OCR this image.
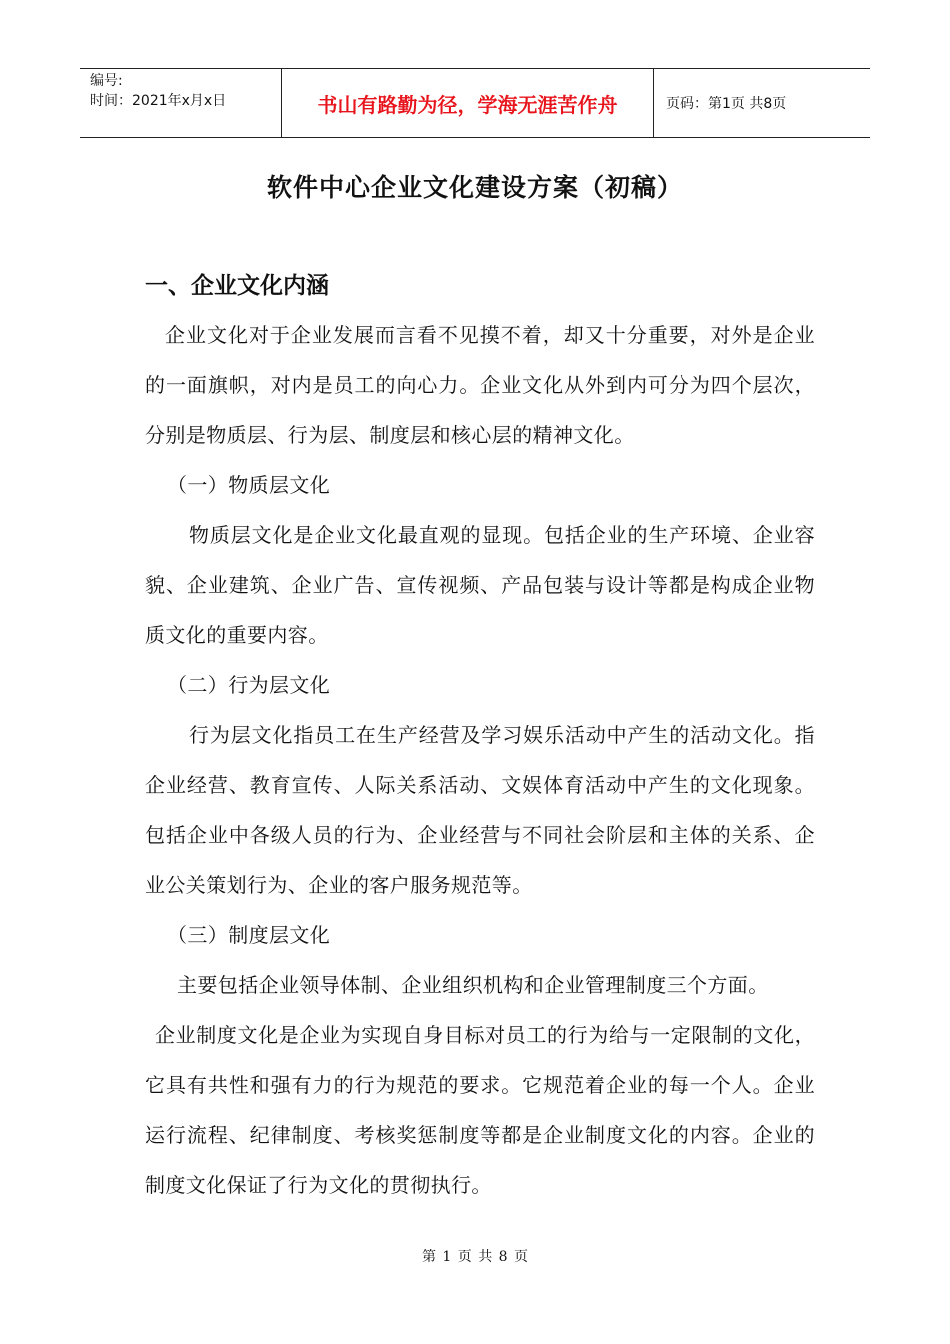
编号:
时间：2021年x月x日	书山有路勤为径，学海无涯苦作舟	页码：第1页 共8页
软件中心企业文化建设方案（初稿）
一、企业文化内涵

企业文化对于企业发展而言看不见摸不着，却又十分重要，对外是企业的一面旗帜，对内是员工的向心力。企业文化从外到内可分为四个层次，分别是物质层、行为层、制度层和核心层的精神文化。

（一）物质层文化

物质层文化是企业文化最直观的显现。包括企业的生产环境、企业容貌、企业建筑、企业广告、宣传视频、产品包装与设计等都是构成企业物质文化的重要内容。

（二）行为层文化

行为层文化指员工在生产经营及学习娱乐活动中产生的活动文化。指企业经营、教育宣传、人际关系活动、文娱体育活动中产生的文化现象。包括企业中各级人员的行为、企业经营与不同社会阶层和主体的关系、企业公关策划行为、企业的客户服务规范等。

（三）制度层文化

主要包括企业领导体制、企业组织机构和企业管理制度三个方面。

企业制度文化是企业为实现自身目标对员工的行为给与一定限制的文化，它具有共性和强有力的行为规范的要求。它规范着企业的每一个人。企业运行流程、纪律制度、考核奖惩制度等都是企业制度文化的内容。企业的制度文化保证了行为文化的贯彻执行。

第 1 页 共 8 页
